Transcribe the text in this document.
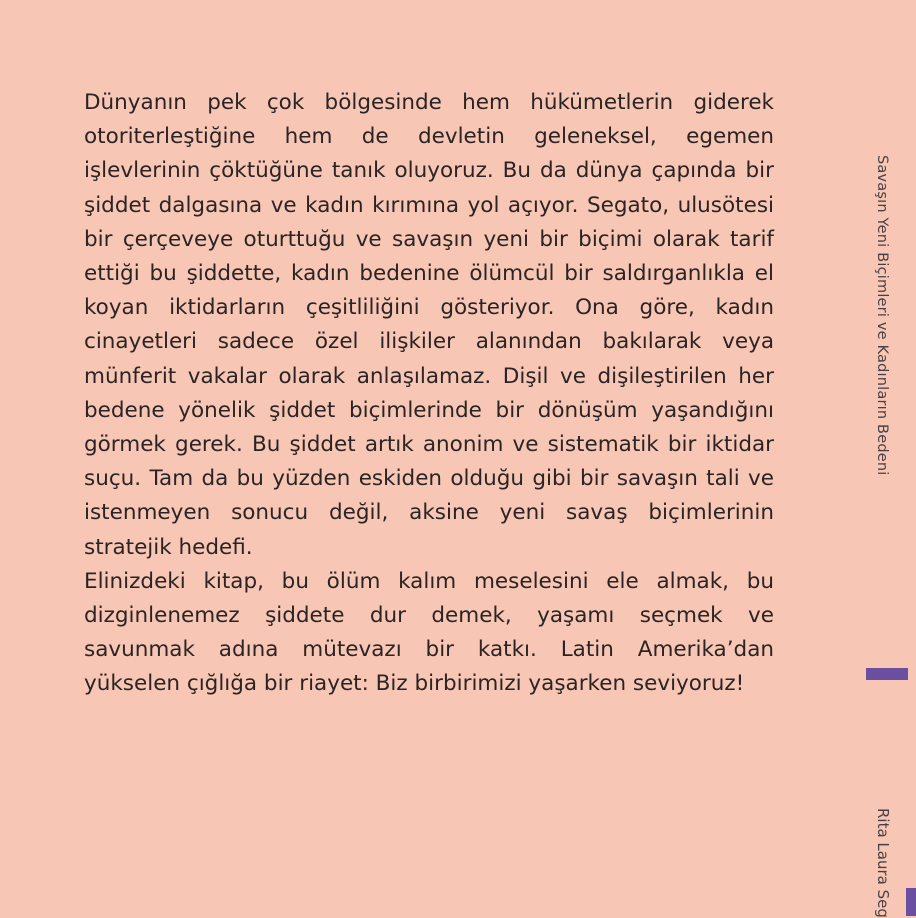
Dünyanın pek çok bölgesinde hem hükümetlerin giderek otoriterleştiğine hem de devletin geleneksel, egemen işlevlerinin çöktüğüne tanık oluyoruz. Bu da dünya çapında bir şiddet dalgasına ve kadın kırımına yol açıyor. Segato, ulusötesi bir çerçeveye oturttuğu ve savaşın yeni bir biçimi olarak tarif ettiği bu şiddette, kadın bedenine ölümcül bir saldırganlıkla el koyan iktidarların çeşitliliğini gösteriyor. Ona göre, kadın cinayetleri sadece özel ilişkiler alanından bakılarak veya münferit vakalar olarak anlaşılamaz. Dişil ve dişileştirilen her bedene yönelik şiddet biçimlerinde bir dönüşüm yaşandığını görmek gerek. Bu şiddet artık anonim ve sistematik bir iktidar suçu. Tam da bu yüzden eskiden olduğu gibi bir savaşın tali ve istenmeyen sonucu değil, aksine yeni savaş biçimlerinin stratejik hedefi.

Elinizdeki kitap, bu ölüm kalım meselesini ele almak, bu dizginlenemez şiddete dur demek, yaşamı seçmek ve savunmak adına mütevazı bir katkı. Latin Amerika’dan yükselen çığlığa bir riayet: Biz birbirimizi yaşarken seviyoruz!

Savaşın Yeni Biçimleri ve Kadınların Bedeni
Rita Laura Seg
